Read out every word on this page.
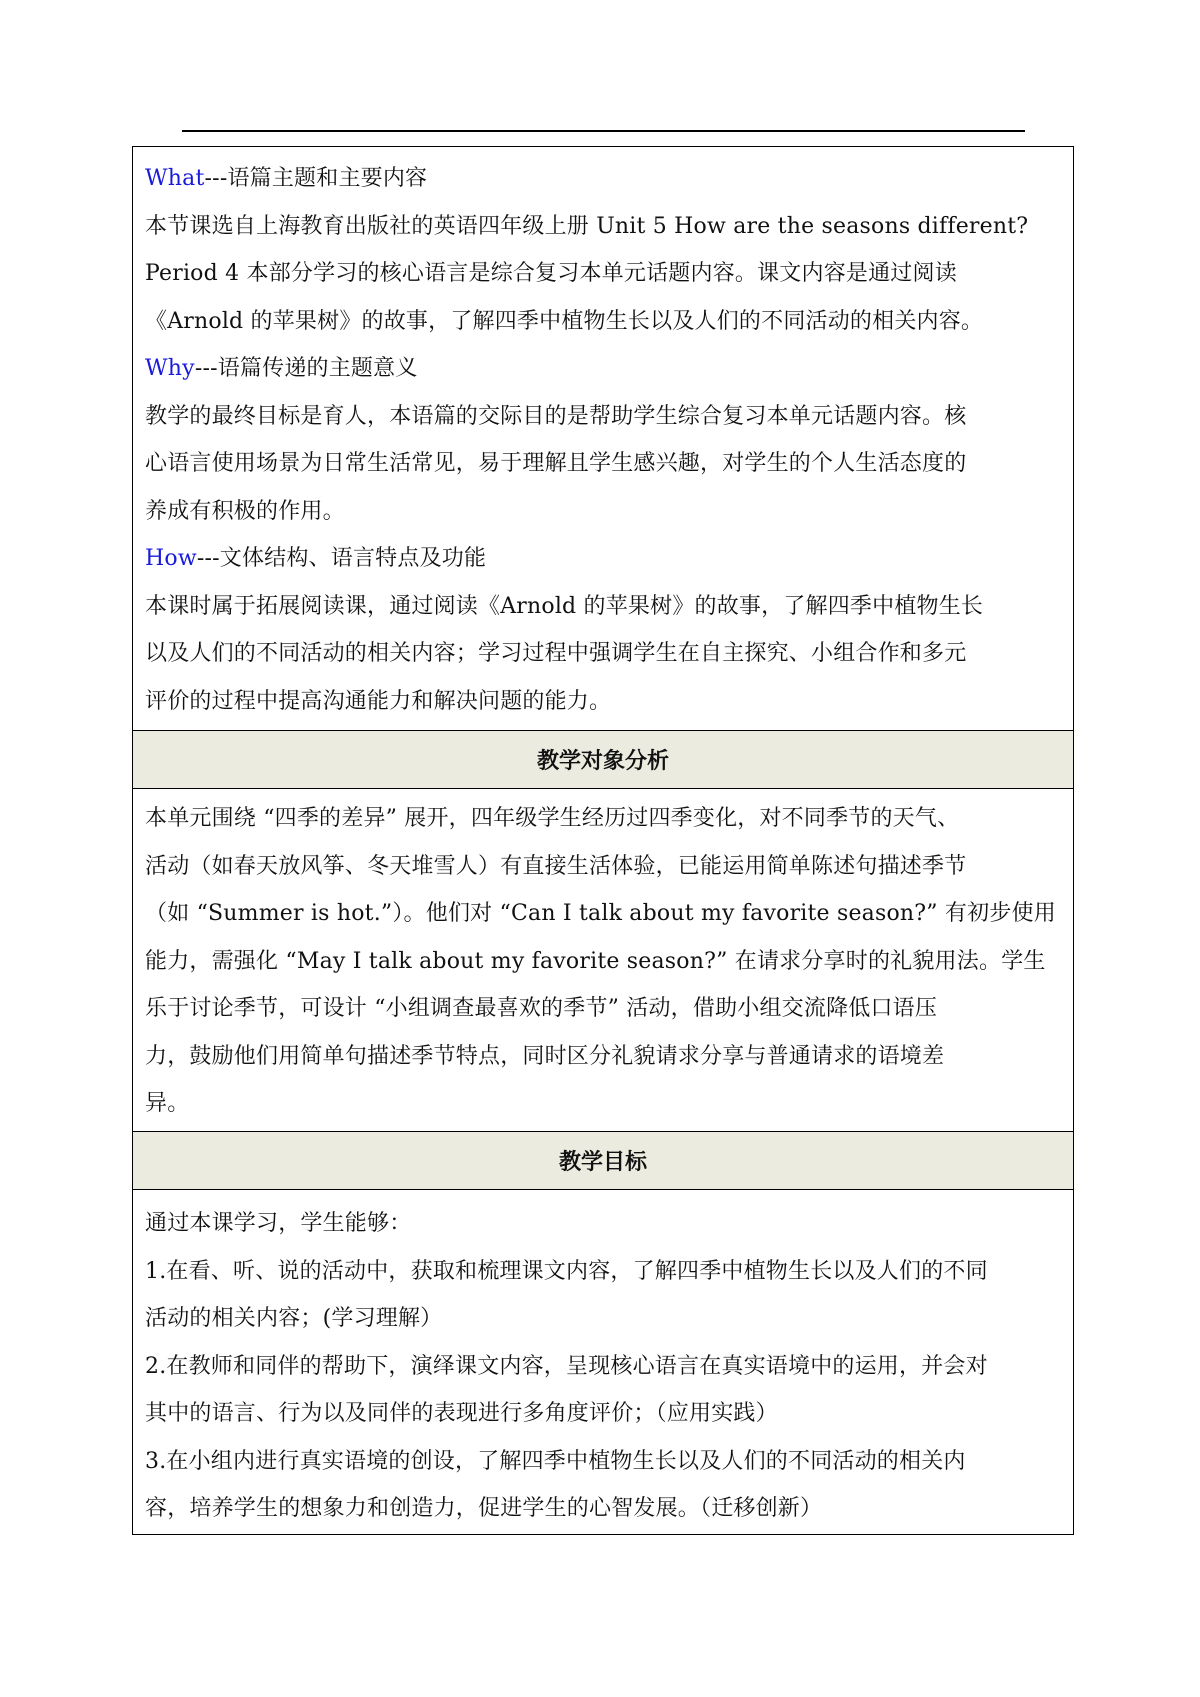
What---语篇主题和主要内容
本节课选自上海教育出版社的英语四年级上册 Unit 5 How are the seasons different?
Period 4 本部分学习的核心语言是综合复习本单元话题内容。课文内容是通过阅读
《Arnold 的苹果树》的故事，了解四季中植物生长以及人们的不同活动的相关内容。
Why---语篇传递的主题意义
教学的最终目标是育人，本语篇的交际目的是帮助学生综合复习本单元话题内容。核
心语言使用场景为日常生活常见，易于理解且学生感兴趣，对学生的个人生活态度的
养成有积极的作用。
How---文体结构、语言特点及功能
本课时属于拓展阅读课，通过阅读《Arnold 的苹果树》的故事，了解四季中植物生长
以及人们的不同活动的相关内容；学习过程中强调学生在自主探究、小组合作和多元
评价的过程中提高沟通能力和解决问题的能力。
教学对象分析
本单元围绕 “四季的差异” 展开，四年级学生经历过四季变化，对不同季节的天气、
活动（如春天放风筝、冬天堆雪人）有直接生活体验，已能运用简单陈述句描述季节
（如 “Summer is hot.”）。他们对 “Can I talk about my favorite season?” 有初步使用
能力，需强化 “May I talk about my favorite season?” 在请求分享时的礼貌用法。学生
乐于讨论季节，可设计 “小组调查最喜欢的季节” 活动，借助小组交流降低口语压
力，鼓励他们用简单句描述季节特点，同时区分礼貌请求分享与普通请求的语境差
异。
教学目标
通过本课学习，学生能够：
1.在看、听、说的活动中，获取和梳理课文内容，了解四季中植物生长以及人们的不同
活动的相关内容；(学习理解）
2.在教师和同伴的帮助下，演绎课文内容，呈现核心语言在真实语境中的运用，并会对
其中的语言、行为以及同伴的表现进行多角度评价；（应用实践）
3.在小组内进行真实语境的创设，了解四季中植物生长以及人们的不同活动的相关内
容，培养学生的想象力和创造力，促进学生的心智发展。（迁移创新）
